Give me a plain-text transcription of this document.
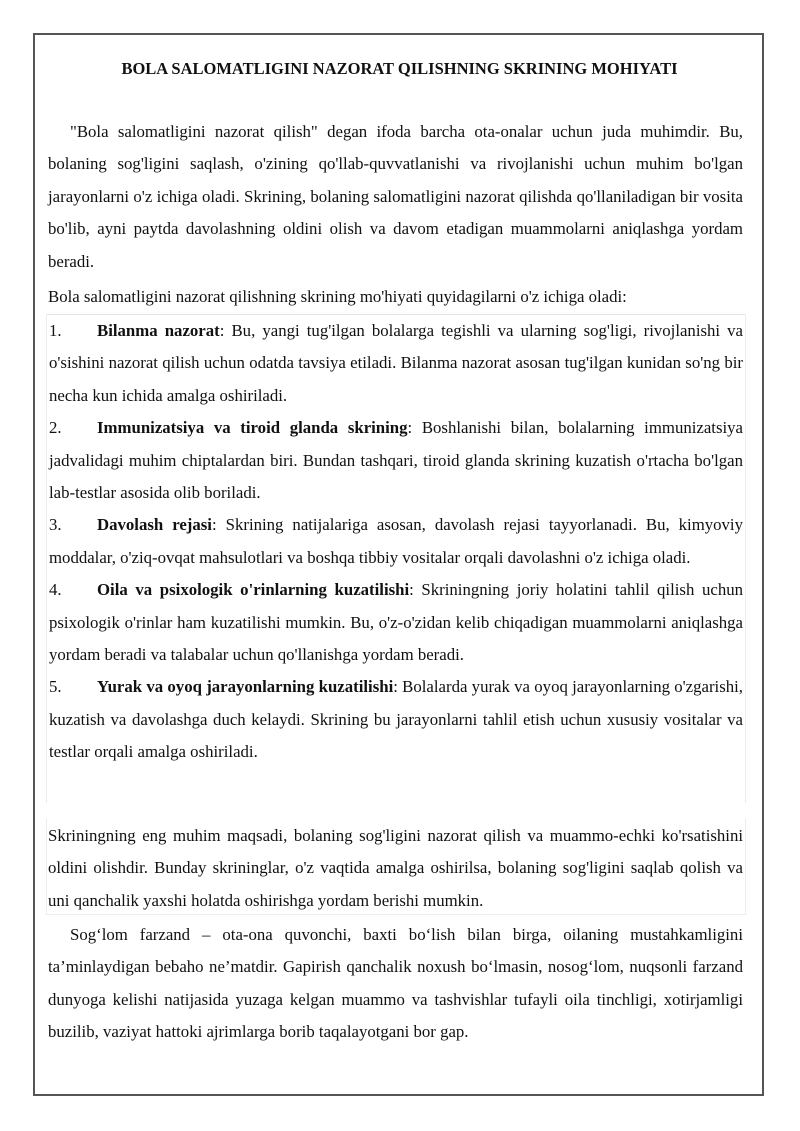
BOLA SALOMATLIGINI NAZORAT QILISHNING SKRINING MOHIYATI

"Bola salomatligini nazorat qilish" degan ifoda barcha ota-onalar uchun juda muhimdir. Bu, bolaning sog'ligini saqlash, o'zining qo'llab-quvvatlanishi va rivojlanishi uchun muhim bo'lgan jarayonlarni o'z ichiga oladi. Skrining, bolaning salomatligini nazorat qilishda qo'llaniladigan bir vosita bo'lib, ayni paytda davolashning oldini olish va davom etadigan muammolarni aniqlashga yordam beradi.

Bola salomatligini nazorat qilishning skrining mo'hiyati quyidagilarni o'z ichiga oladi:

1. Bilanma nazorat: Bu, yangi tug'ilgan bolalarga tegishli va ularning sog'ligi, rivojlanishi va o'sishini nazorat qilish uchun odatda tavsiya etiladi. Bilanma nazorat asosan tug'ilgan kunidan so'ng bir necha kun ichida amalga oshiriladi.
2. Immunizatsiya va tiroid glanda skrining: Boshlanishi bilan, bolalarning immunizatsiya jadvalidagi muhim chiptalardan biri. Bundan tashqari, tiroid glanda skrining kuzatish o'rtacha bo'lgan lab-testlar asosida olib boriladi.
3. Davolash rejasi: Skrining natijalariga asosan, davolash rejasi tayyorlanadi. Bu, kimyoviy moddalar, o'ziq-ovqat mahsulotlari va boshqa tibbiy vositalar orqali davolashni o'z ichiga oladi.
4. Oila va psixologik o'rinlarning kuzatilishi: Skriningning joriy holatini tahlil qilish uchun psixologik o'rinlar ham kuzatilishi mumkin. Bu, o'z-o'zidan kelib chiqadigan muammolarni aniqlashga yordam beradi va talabalar uchun qo'llanishga yordam beradi.
5. Yurak va oyoq jarayonlarning kuzatilishi: Bolalarda yurak va oyoq jarayonlarning o'zgarishi, kuzatish va davolashga duch kelaydi. Skrining bu jarayonlarni tahlil etish uchun xususiy vositalar va testlar orqali amalga oshiriladi.

Skriningning eng muhim maqsadi, bolaning sog'ligini nazorat qilish va muammo-echki ko'rsatishini oldini olishdir. Bunday skrininglar, o'z vaqtida amalga oshirilsa, bolaning sog'ligini saqlab qolish va uni qanchalik yaxshi holatda oshirishga yordam berishi mumkin.

Sog‘lom farzand – ota-ona quvonchi, baxti bo‘lish bilan birga, oilaning mustahkamligini ta’minlaydigan bebaho ne’matdir. Gapirish qanchalik noxush bo‘lmasin, nosog‘lom, nuqsonli farzand dunyoga kelishi natijasida yuzaga kelgan muammo va tashvishlar tufayli oila tinchligi, xotirjamligi buzilib, vaziyat hattoki ajrimlarga borib taqalayotgani bor gap.
